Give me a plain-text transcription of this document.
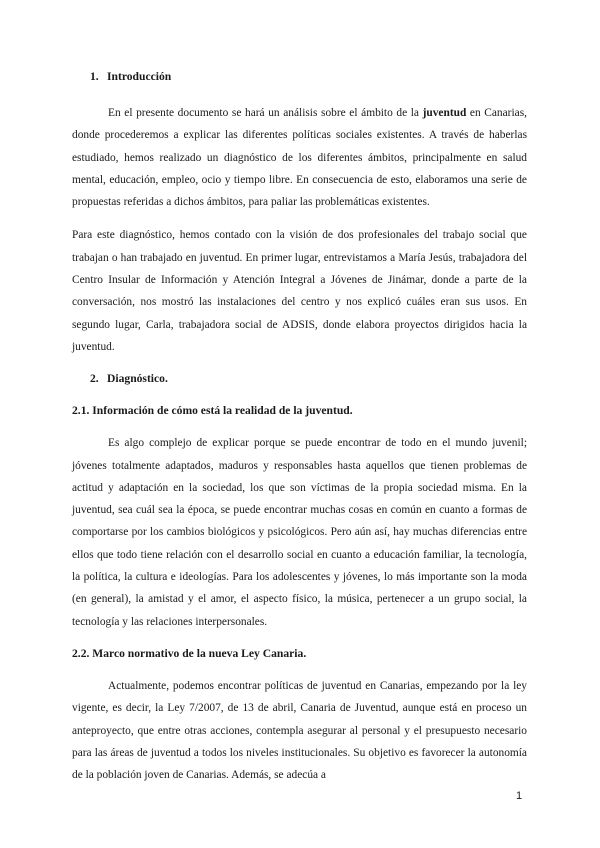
1. Introducción

En el presente documento se hará un análisis sobre el ámbito de la juventud en Canarias, donde procederemos a explicar las diferentes políticas sociales existentes. A través de haberlas estudiado, hemos realizado un diagnóstico de los diferentes ámbitos, principalmente en salud mental, educación, empleo, ocio y tiempo libre. En consecuencia de esto, elaboramos una serie de propuestas referidas a dichos ámbitos, para paliar las problemáticas existentes.

Para este diagnóstico, hemos contado con la visión de dos profesionales del trabajo social que trabajan o han trabajado en juventud. En primer lugar, entrevistamos a María Jesús, trabajadora del Centro Insular de Información y Atención Integral a Jóvenes de Jinámar, donde a parte de la conversación, nos mostró las instalaciones del centro y nos explicó cuáles eran sus usos. En segundo lugar, Carla, trabajadora social de ADSIS, donde elabora proyectos dirigidos hacia la juventud.

2. Diagnóstico.
2.1. Información de cómo está la realidad de la juventud.

Es algo complejo de explicar porque se puede encontrar de todo en el mundo juvenil; jóvenes totalmente adaptados, maduros y responsables hasta aquellos que tienen problemas de actitud y adaptación en la sociedad, los que son víctimas de la propia sociedad misma. En la juventud, sea cuál sea la época, se puede encontrar muchas cosas en común en cuanto a formas de comportarse por los cambios biológicos y psicológicos. Pero aún así, hay muchas diferencias entre ellos que todo tiene relación con el desarrollo social en cuanto a educación familiar, la tecnología, la política, la cultura e ideologías. Para los adolescentes y jóvenes, lo más importante son la moda (en general), la amistad y el amor, el aspecto físico, la música, pertenecer a un grupo social, la tecnología y las relaciones interpersonales.

2.2. Marco normativo de la nueva Ley Canaria.

Actualmente, podemos encontrar políticas de juventud en Canarias, empezando por la ley vigente, es decir, la Ley 7/2007, de 13 de abril, Canaria de Juventud, aunque está en proceso un anteproyecto, que entre otras acciones, contempla asegurar al personal y el presupuesto necesario para las áreas de juventud a todos los niveles institucionales. Su objetivo es favorecer la autonomía de la población joven de Canarias. Además, se adecúa a

1
